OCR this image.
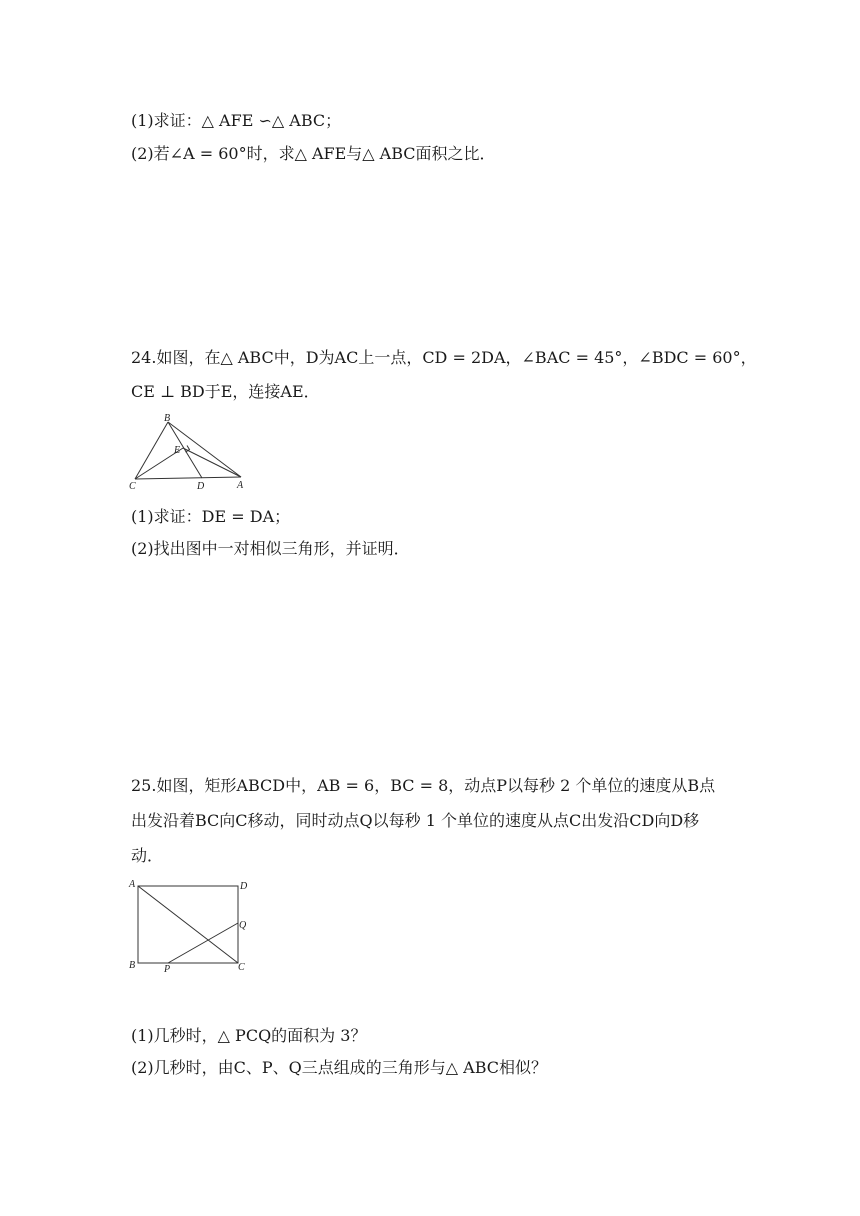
(1)求证：△ AFE ∽△ ABC；
(2)若∠A = 60°时，求△ AFE与△ ABC面积之比．
24.如图，在△ ABC中，D为AC上一点，CD = 2DA，∠BAC = 45°，∠BDC = 60°，
CE ⊥ BD于E，连接AE．
B
E
C	D	A
(1)求证：DE = DA；
(2)找出图中一对相似三角形，并证明．
25.如图，矩形ABCD中，AB = 6，BC = 8，动点P以每秒 2 个单位的速度从B点
出发沿着BC向C移动，同时动点Q以每秒 1 个单位的速度从点C出发沿CD向D移
动．
A	D
Q
B	P	C
(1)几秒时，△ PCQ的面积为 3？
(2)几秒时，由C、P、Q三点组成的三角形与△ ABC相似？
